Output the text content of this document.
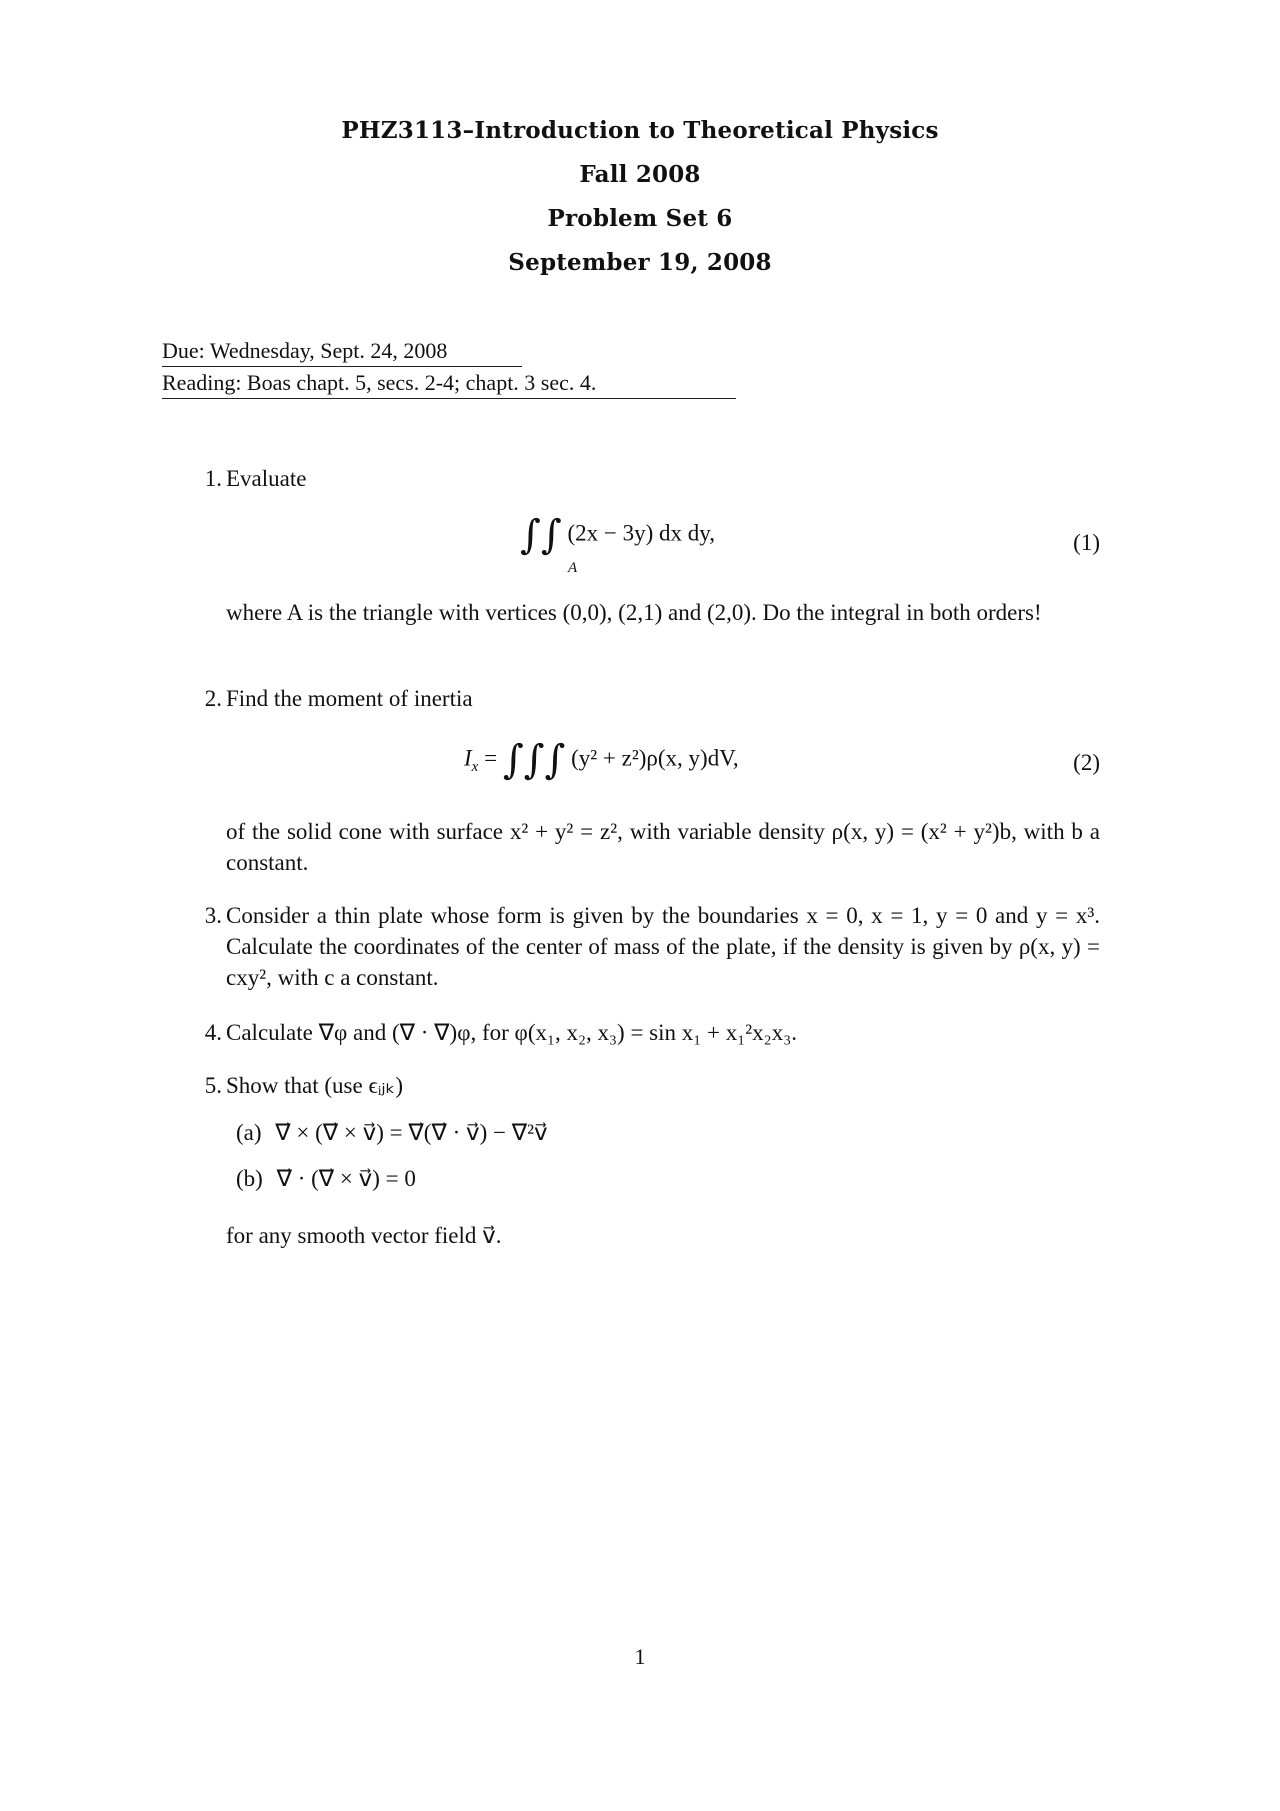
PHZ3113–Introduction to Theoretical Physics
Fall 2008
Problem Set 6
September 19, 2008
Due: Wednesday, Sept. 24, 2008
Reading: Boas chapt. 5, secs. 2-4; chapt. 3 sec. 4.
1. Evaluate
∫∫ (2x − 3y) dx dy,
A
(1)
where A is the triangle with vertices (0,0), (2,1) and (2,0). Do the integral in both orders!
2. Find the moment of inertia
$I_x$ = ∫∫∫ (y² + z²)ρ(x, y)dV,	(2)
of the solid cone with surface x² + y² = z², with variable density ρ(x, y) = (x² + y²)b, with b a constant.
3. Consider a thin plate whose form is given by the boundaries x = 0, x = 1, y = 0 and y = x³. Calculate the coordinates of the center of mass of the plate, if the density is given by ρ(x, y) = cxy², with c a constant.
4. Calculate ∇φ and (∇ · ∇)φ, for φ(x₁, x₂, x₃) = sin x₁ + x₁²x₂x₃.
5. Show that (use ϵᵢⱼₖ)
(a) ∇⃗ × (∇⃗ × v⃗) = ∇⃗(∇⃗ · v⃗) − ∇²v⃗
(b) ∇⃗ · (∇⃗ × v⃗) = 0
for any smooth vector field v⃗.
1
